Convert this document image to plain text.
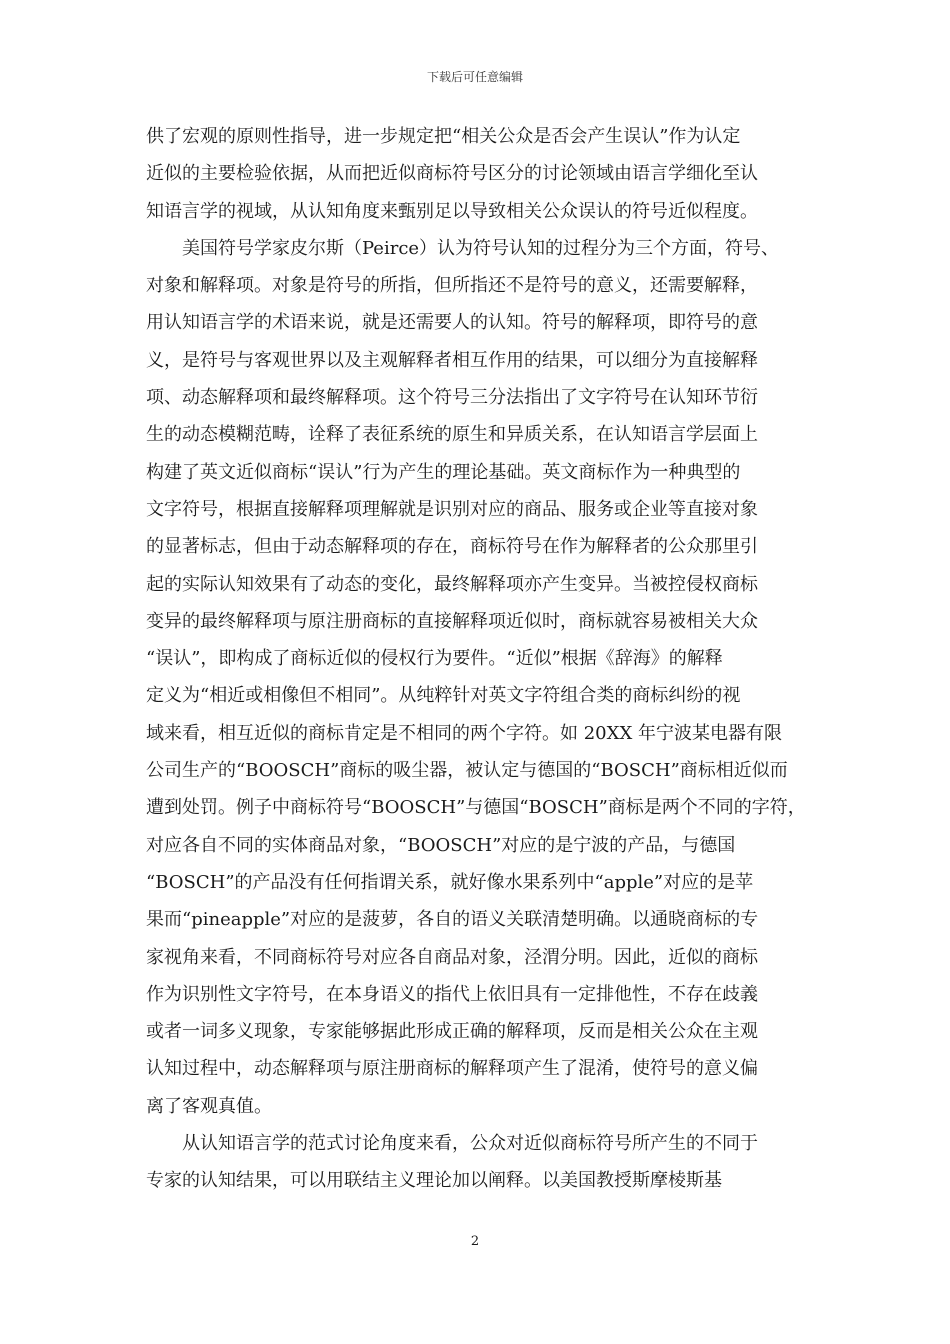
下载后可任意编辑
供了宏观的原则性指导，进一步规定把“相关公众是否会产生误认”作为认定
近似的主要检验依据，从而把近似商标符号区分的讨论领域由语言学细化至认
知语言学的视域，从认知角度来甄别足以导致相关公众误认的符号近似程度。
美国符号学家皮尔斯（Peirce）认为符号认知的过程分为三个方面，符号、
对象和解释项。对象是符号的所指，但所指还不是符号的意义，还需要解释，
用认知语言学的术语来说，就是还需要人的认知。符号的解释项，即符号的意
义，是符号与客观世界以及主观解释者相互作用的结果，可以细分为直接解释
项、动态解释项和最终解释项。这个符号三分法指出了文字符号在认知环节衍
生的动态模糊范畴，诠释了表征系统的原生和异质关系，在认知语言学层面上
构建了英文近似商标“误认”行为产生的理论基础。英文商标作为一种典型的
文字符号，根据直接解释项理解就是识别对应的商品、服务或企业等直接对象
的显著标志，但由于动态解释项的存在，商标符号在作为解释者的公众那里引
起的实际认知效果有了动态的变化，最终解释项亦产生变异。当被控侵权商标
变异的最终解释项与原注册商标的直接解释项近似时，商标就容易被相关大众
“误认”，即构成了商标近似的侵权行为要件。“近似”根据《辞海》的解释
定义为“相近或相像但不相同”。从纯粹针对英文字符组合类的商标纠纷的视
域来看，相互近似的商标肯定是不相同的两个字符。如 20XX 年宁波某电器有限
公司生产的“BOOSCH”商标的吸尘器，被认定与德国的“BOSCH”商标相近似而
遭到处罚。例子中商标符号“BOOSCH”与德国“BOSCH”商标是两个不同的字符，
对应各自不同的实体商品对象，“BOOSCH”对应的是宁波的产品，与德国
“BOSCH”的产品没有任何指谓关系，就好像水果系列中“apple”对应的是苹
果而“pineapple”对应的是菠萝，各自的语义关联清楚明确。以通晓商标的专
家视角来看，不同商标符号对应各自商品对象，泾渭分明。因此，近似的商标
作为识别性文字符号，在本身语义的指代上依旧具有一定排他性，不存在歧義
或者一词多义现象，专家能够据此形成正确的解释项，反而是相关公众在主观
认知过程中，动态解释项与原注册商标的解释项产生了混淆，使符号的意义偏
离了客观真值。
从认知语言学的范式讨论角度来看，公众对近似商标符号所产生的不同于
专家的认知结果，可以用联结主义理论加以阐释。以美国教授斯摩棱斯基
2
